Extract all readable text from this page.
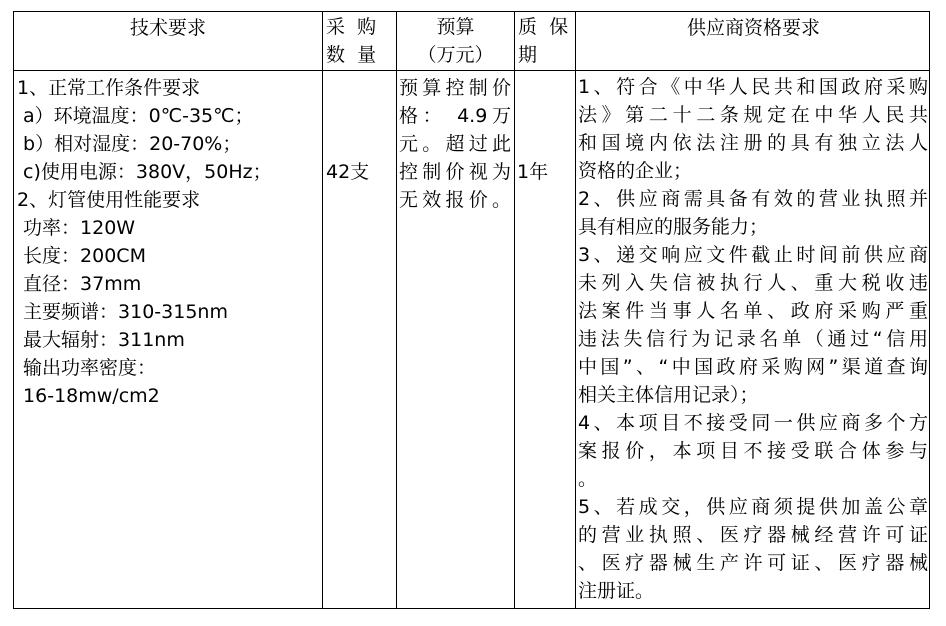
技术要求	采  购
数  量
预算
（万元）
质  保
期
供应商资格要求
1、正常工作条件要求
a）环境温度：0℃-35℃；
b）相对湿度：20-70%；
c)使用电源：380V，50Hz；
2、灯管使用性能要求
功率：120W
长度：200CM
直径：37mm
主要频谱：310-315nm
最大辐射：311nm
输出功率密度：
16-18mw/cm2
42支
预算控制价
格： 4.9万
元。超过此
控制价视为
无效报价。
1年
1、符合《中华人民共和国政府采购
法》第二十二条规定在中华人民共
和国境内依法注册的具有独立法人
资格的企业；
2、供应商需具备有效的营业执照并
具有相应的服务能力；
3、递交响应文件截止时间前供应商
未列入失信被执行人、重大税收违
法案件当事人名单、政府采购严重
违法失信行为记录名单（通过“信用
中国”、“中国政府采购网”渠道查询
相关主体信用记录）；
4、本项目不接受同一供应商多个方
案报价，本项目不接受联合体参与
。
5、若成交，供应商须提供加盖公章
的营业执照、医疗器械经营许可证
、医疗器械生产许可证、医疗器械
注册证。
